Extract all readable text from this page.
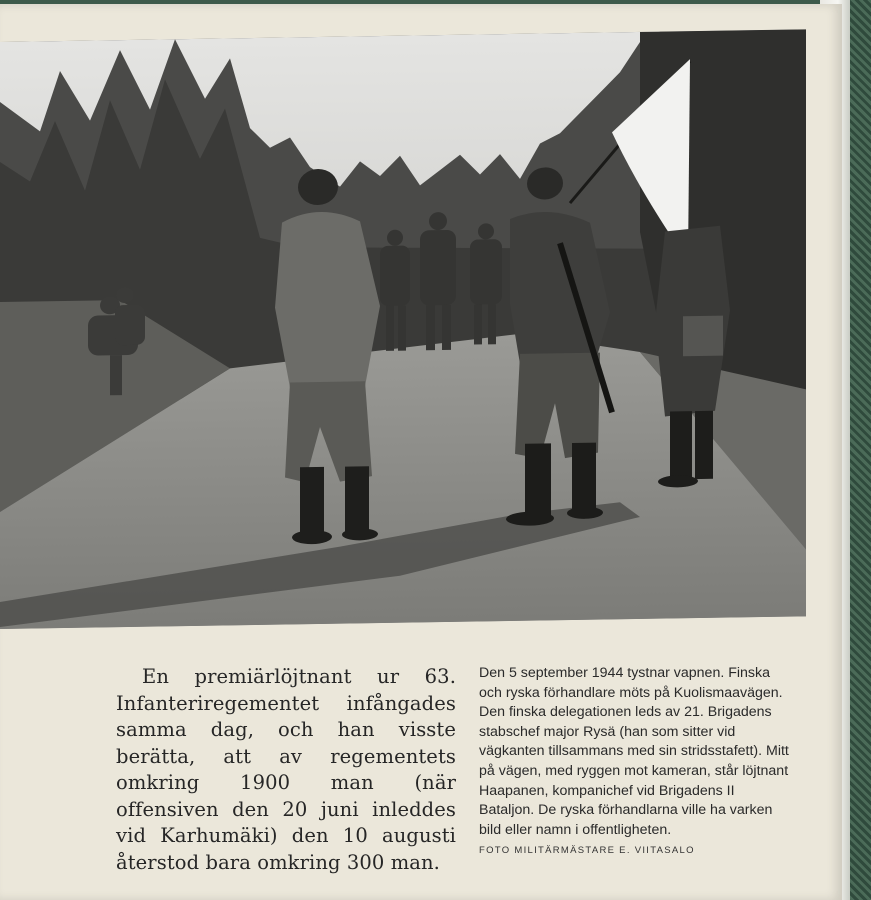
En premiärlöjtnant ur 63. Infanteriregementet infångades samma dag, och han visste berätta, att av regementets omkring 1900 man (när offensiven den 20 juni inleddes vid Karhumäki) den 10 augusti återstod bara omkring 300 man.
Den 5 september 1944 tystnar vapnen. Finska och ryska förhandlare möts på Kuolismaavägen. Den finska delegationen leds av 21. Brigadens stabschef major Rysä (han som sitter vid vägkanten tillsammans med sin stridsstafett). Mitt på vägen, med ryggen mot kameran, står löjtnant Haapanen, kompanichef vid Brigadens II Bataljon. De ryska förhandlarna ville ha varken bild eller namn i offentligheten.
FOTO MILITÄRMÄSTARE E. VIITASALO
